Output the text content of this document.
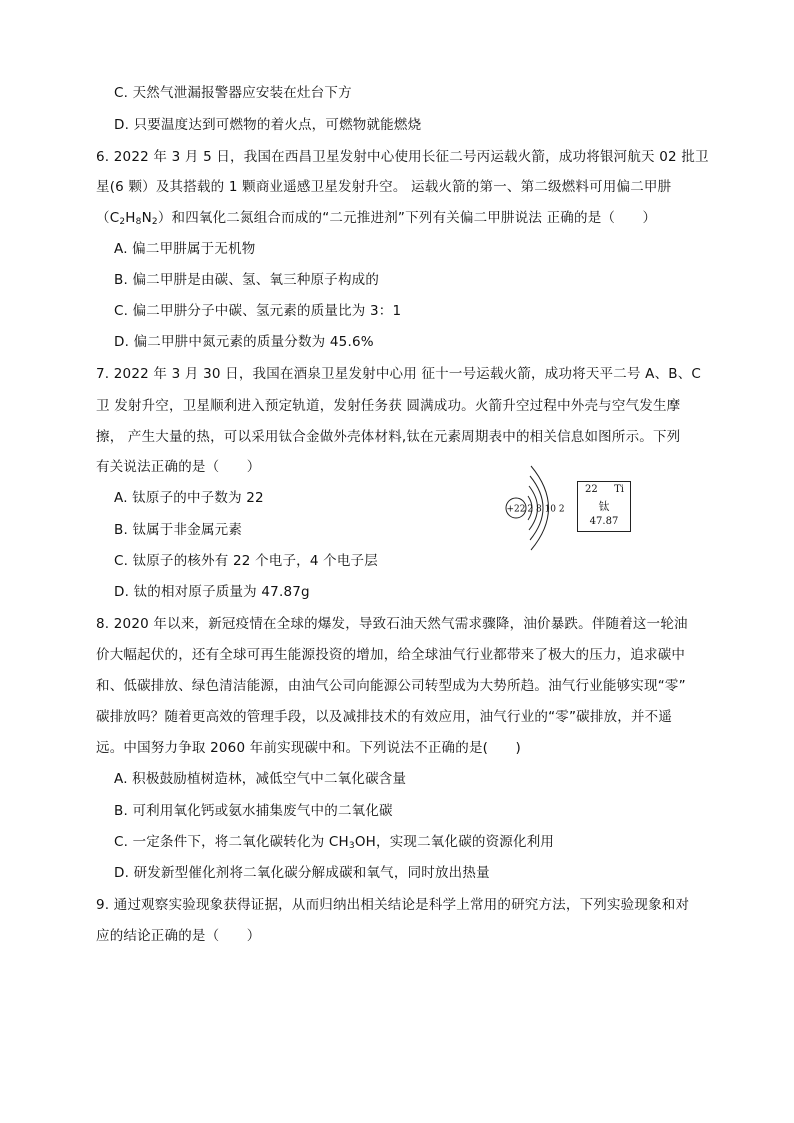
C. 天然气泄漏报警器应安装在灶台下方
D. 只要温度达到可燃物的着火点，可燃物就能燃烧
6. 2022 年 3 月 5 日，我国在西昌卫星发射中心使用长征二号丙运载火箭，成功将银河航天 02 批卫
星(6 颗）及其搭载的 1 颗商业遥感卫星发射升空。 运载火箭的第一、第二级燃料可用偏二甲肼
$(C_2H_8N_2)$和四氧化二氮组合而成的“二元推进剂”下列有关偏二甲肼说法 正确的是（　　）
A. 偏二甲肼属于无机物
B. 偏二甲肼是由碳、氢、氧三种原子构成的
C. 偏二甲肼分子中碳、氢元素的质量比为 3：1
D. 偏二甲肼中氮元素的质量分数为 45.6%
7. 2022 年 3 月 30 日，我国在酒泉卫星发射中心用 征十一号运载火箭，成功将天平二号 A、B、C
卫 发射升空，卫星顺利进入预定轨道，发射任务获 圆满成功。火箭升空过程中外壳与空气发生摩
擦， 产生大量的热，可以采用钛合金做外壳体材料,钛在元素周期表中的相关信息如图所示。下列
有关说法正确的是（　　）
A. 钛原子的中子数为 22
B. 钛属于非金属元素
C. 钛原子的核外有 22 个电子，4 个电子层
D. 钛的相对原子质量为 47.87g
+22 2 8 10 2
22 Ti
钛
47.87
8. 2020 年以来，新冠疫情在全球的爆发，导致石油天然气需求骤降，油价暴跌。伴随着这一轮油
价大幅起伏的，还有全球可再生能源投资的增加，给全球油气行业都带来了极大的压力，追求碳中
和、低碳排放、绿色清洁能源，由油气公司向能源公司转型成为大势所趋。油气行业能够实现“零”
碳排放吗？随着更高效的管理手段，以及减排技术的有效应用，油气行业的“零”碳排放，并不遥
远。中国努力争取 2060 年前实现碳中和。下列说法不正确的是(　　)
A. 积极鼓励植树造林，减低空气中二氧化碳含量
B. 可利用氧化钙或氨水捕集废气中的二氧化碳
C. 一定条件下，将二氧化碳转化为 $CH_3OH$，实现二氧化碳的资源化利用
D. 研发新型催化剂将二氧化碳分解成碳和氧气，同时放出热量
9. 通过观察实验现象获得证据，从而归纳出相关结论是科学上常用的研究方法，下列实验现象和对
应的结论正确的是（　　）
